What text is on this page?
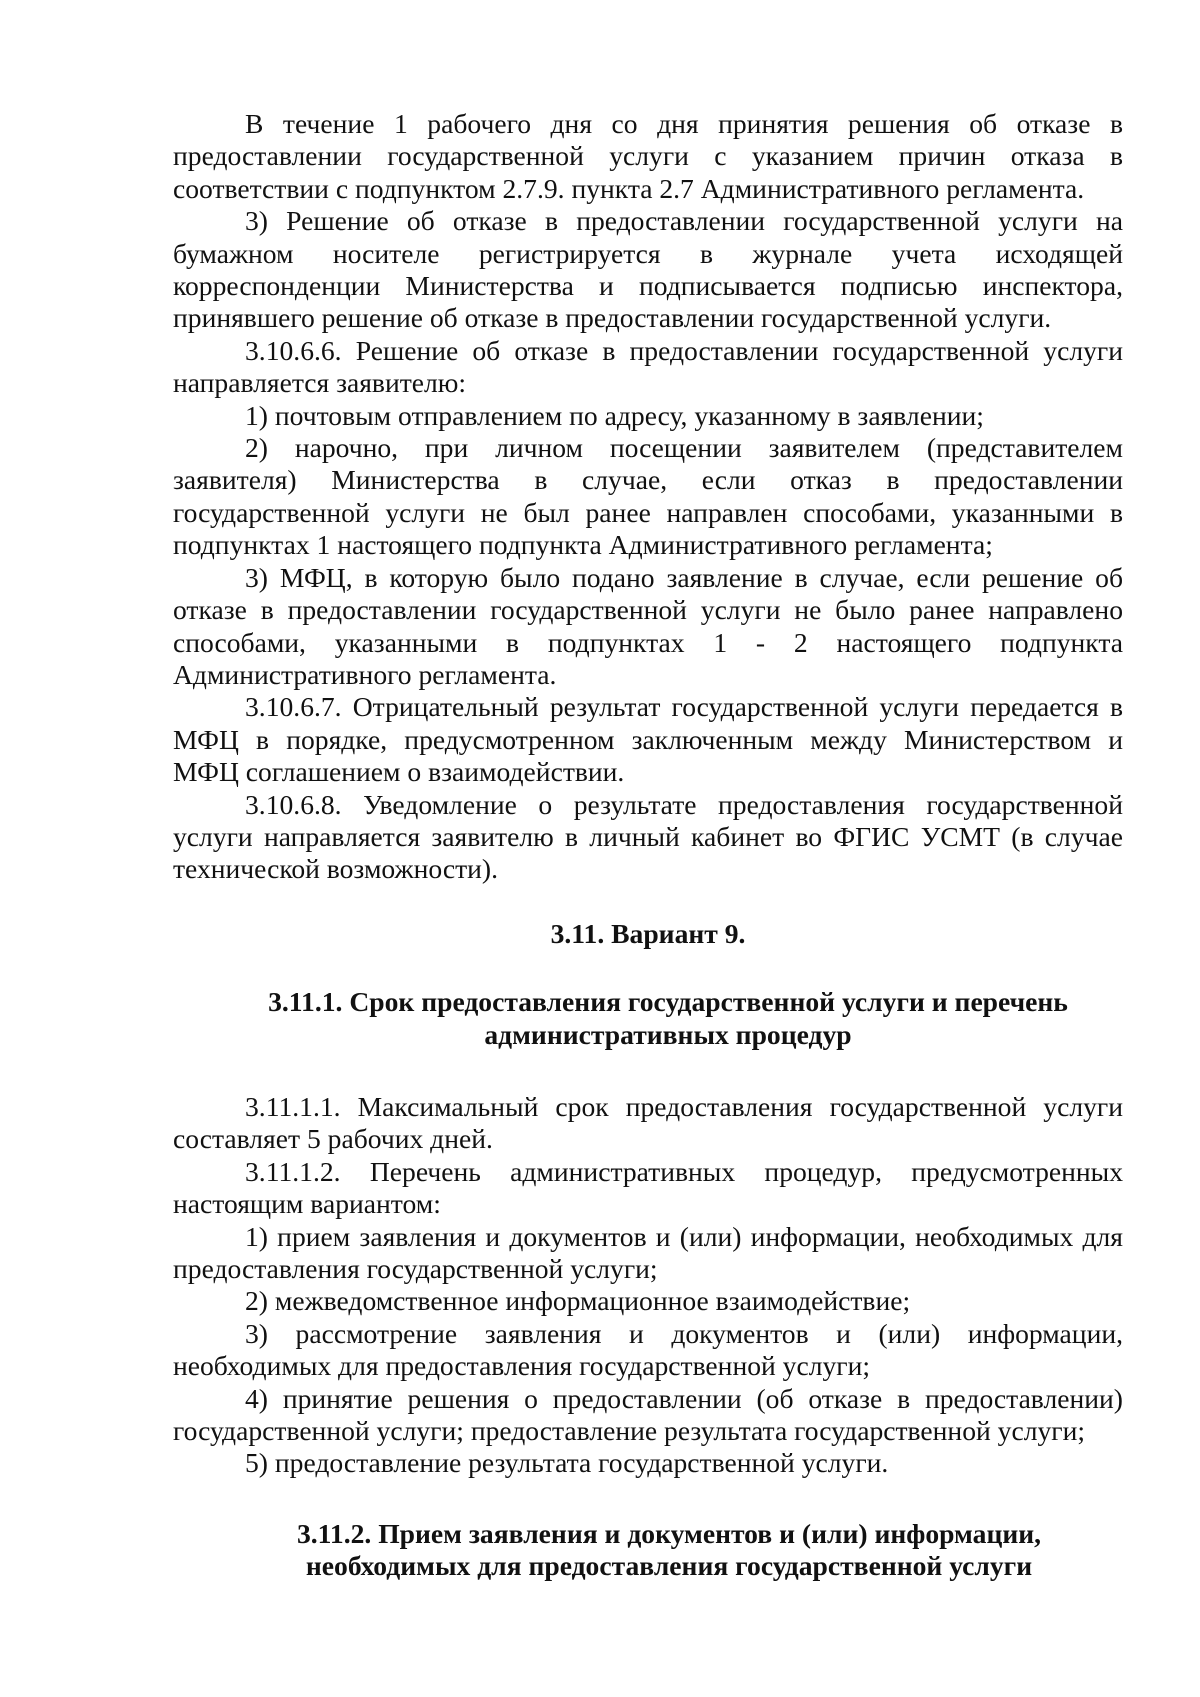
В течение 1 рабочего дня со дня принятия решения об отказе в предоставлении государственной услуги с указанием причин отказа в соответствии с подпунктом 2.7.9. пункта 2.7 Административного регламента.

3) Решение об отказе в предоставлении государственной услуги на бумажном носителе регистрируется в журнале учета исходящей корреспонденции Министерства и подписывается подписью инспектора, принявшего решение об отказе в предоставлении государственной услуги.

3.10.6.6. Решение об отказе в предоставлении государственной услуги направляется заявителю:

1) почтовым отправлением по адресу, указанному в заявлении;

2) нарочно, при личном посещении заявителем (представителем заявителя) Министерства в случае, если отказ в предоставлении государственной услуги не был ранее направлен способами, указанными в подпунктах 1 настоящего подпункта Административного регламента;

3) МФЦ, в которую было подано заявление в случае, если решение об отказе в предоставлении государственной услуги не было ранее направлено способами, указанными в подпунктах 1 - 2 настоящего подпункта Административного регламента.

3.10.6.7. Отрицательный результат государственной услуги передается в МФЦ в порядке, предусмотренном заключенным между Министерством и МФЦ соглашением о взаимодействии.

3.10.6.8. Уведомление о результате предоставления государственной услуги направляется заявителю в личный кабинет во ФГИС УСМТ (в случае технической возможности).

3.11. Вариант 9.

3.11.1. Срок предоставления государственной услуги и перечень административных процедур

3.11.1.1. Максимальный срок предоставления государственной услуги составляет 5 рабочих дней.

3.11.1.2. Перечень административных процедур, предусмотренных настоящим вариантом:

1) прием заявления и документов и (или) информации, необходимых для предоставления государственной услуги;

2) межведомственное информационное взаимодействие;

3) рассмотрение заявления и документов и (или) информации, необходимых для предоставления государственной услуги;

4) принятие решения о предоставлении (об отказе в предоставлении) государственной услуги; предоставление результата государственной услуги;

5) предоставление результата государственной услуги.

3.11.2. Прием заявления и документов и (или) информации, необходимых для предоставления государственной услуги
